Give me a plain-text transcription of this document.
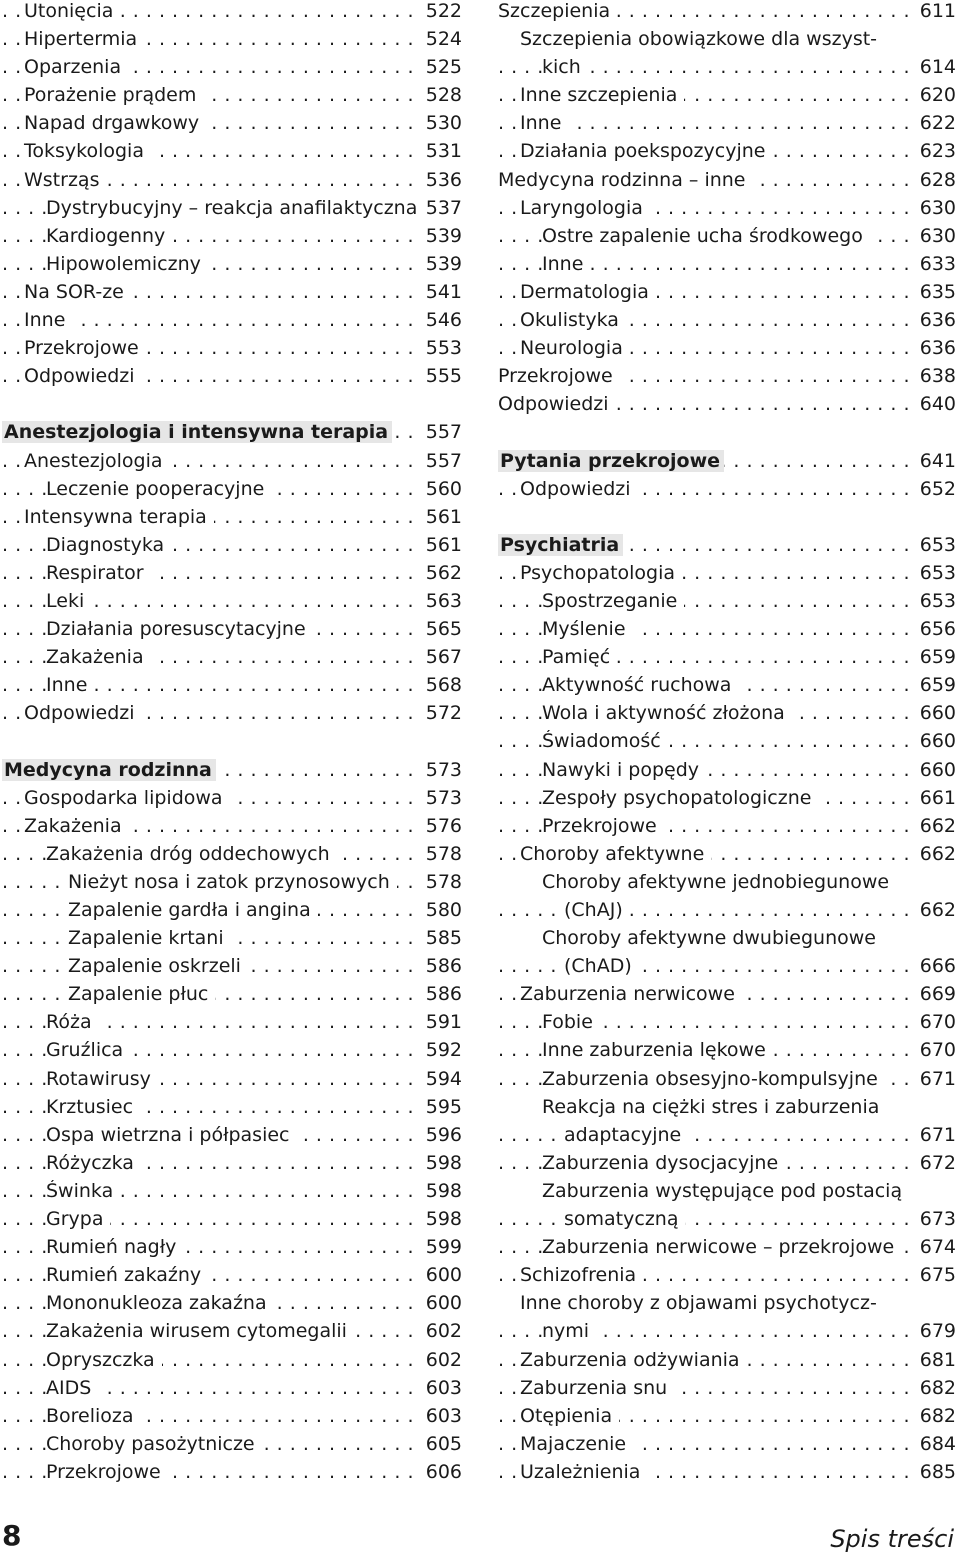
. . . Utonięcia	522
. . . Hipertermia	524
. . . Oparzenia	525
. . . Porażenie prądem	528
. . . Napad drgawkowy	530
. . . Toksykologia	531
. . . Wstrząs	536
. . . Dystrybucyjny – reakcja anafilaktyczna 537
. . . Kardiogenny	539
. . . Hipowolemiczny	539
. . . Na SOR-ze	541
. . . Inne	546
. . . Przekrojowe	553
. . . Odpowiedzi	555
. . . Anestezjologia i intensywna terapia	557
. . . Anestezjologia	557
. . . Leczenie pooperacyjne	560
. . . Intensywna terapia	561
. . . Diagnostyka	561
. . . Respirator	562
. . . Leki	563
. . . Działania poresuscytacyjne	565
. . . Zakażenia	567
. . . Inne	568
. . . Odpowiedzi	572
. . . Medycyna rodzinna	573
. . . Gospodarka lipidowa	573
. . . Zakażenia	576
. . . Zakażenia dróg oddechowych	578
. . . Nieżyt nosa i zatok przynosowych	578
. . . Zapalenie gardła i angina	580
. . . Zapalenie krtani	585
. . . Zapalenie oskrzeli	586
. . . Zapalenie płuc	586
. . . Róża	591
. . . Gruźlica	592
. . . Rotawirusy	594
. . . Krztusiec	595
. . . Ospa wietrzna i półpasiec	596
. . . Różyczka	598
. . . Świnka	598
. . . Grypa	598
. . . Rumień nagły	599
. . . Rumień zakaźny	600
. . . Mononukleoza zakaźna	600
. . . Zakażenia wirusem cytomegalii	602
. . . Opryszczka	602
. . . AIDS	603
. . . Borelioza	603
. . . Choroby pasożytnicze	605
. . . Przekrojowe	606
. . . Szczepienia	611
Szczepienia obowiązkowe dla wszyst-
. . . kich	614
. . . Inne szczepienia	620
. . . Inne	622
. . . Działania poekspozycyjne	623
. . . Medycyna rodzinna – inne	628
. . . Laryngologia	630
. . . Ostre zapalenie ucha środkowego	630
. . . Inne	633
. . . Dermatologia	635
. . . Okulistyka	636
. . . Neurologia	636
. . . Przekrojowe	638
. . . Odpowiedzi	640
. . . Pytania przekrojowe	641
. . . Odpowiedzi	652
. . . Psychiatria	653
. . . Psychopatologia	653
. . . Spostrzeganie	653
. . . Myślenie	656
. . . Pamięć	659
. . . Aktywność ruchowa	659
. . . Wola i aktywność złożona	660
. . . Świadomość	660
. . . Nawyki i popędy	660
. . . Zespoły psychopatologiczne	661
. . . Przekrojowe	662
. . . Choroby afektywne	662
Choroby afektywne jednobiegunowe
. . . (ChAJ)	662
Choroby afektywne dwubiegunowe
. . . (ChAD)	666
. . . Zaburzenia nerwicowe	669
. . . Fobie	670
. . . Inne zaburzenia lękowe	670
. . . Zaburzenia obsesyjno-kompulsyjne	671
Reakcja na ciężki stres i zaburzenia
. . . adaptacyjne	671
. . . Zaburzenia dysocjacyjne	672
Zaburzenia występujące pod postacią
. . . somatyczną	673
. . . Zaburzenia nerwicowe – przekrojowe	674
. . . Schizofrenia	675
Inne choroby z objawami psychotycz-
. . . nymi	679
. . . Zaburzenia odżywiania	681
. . . Zaburzenia snu	682
. . . Otępienia	682
. . . Majaczenie	684
. . . Uzależnienia	685
8	Spis treści
